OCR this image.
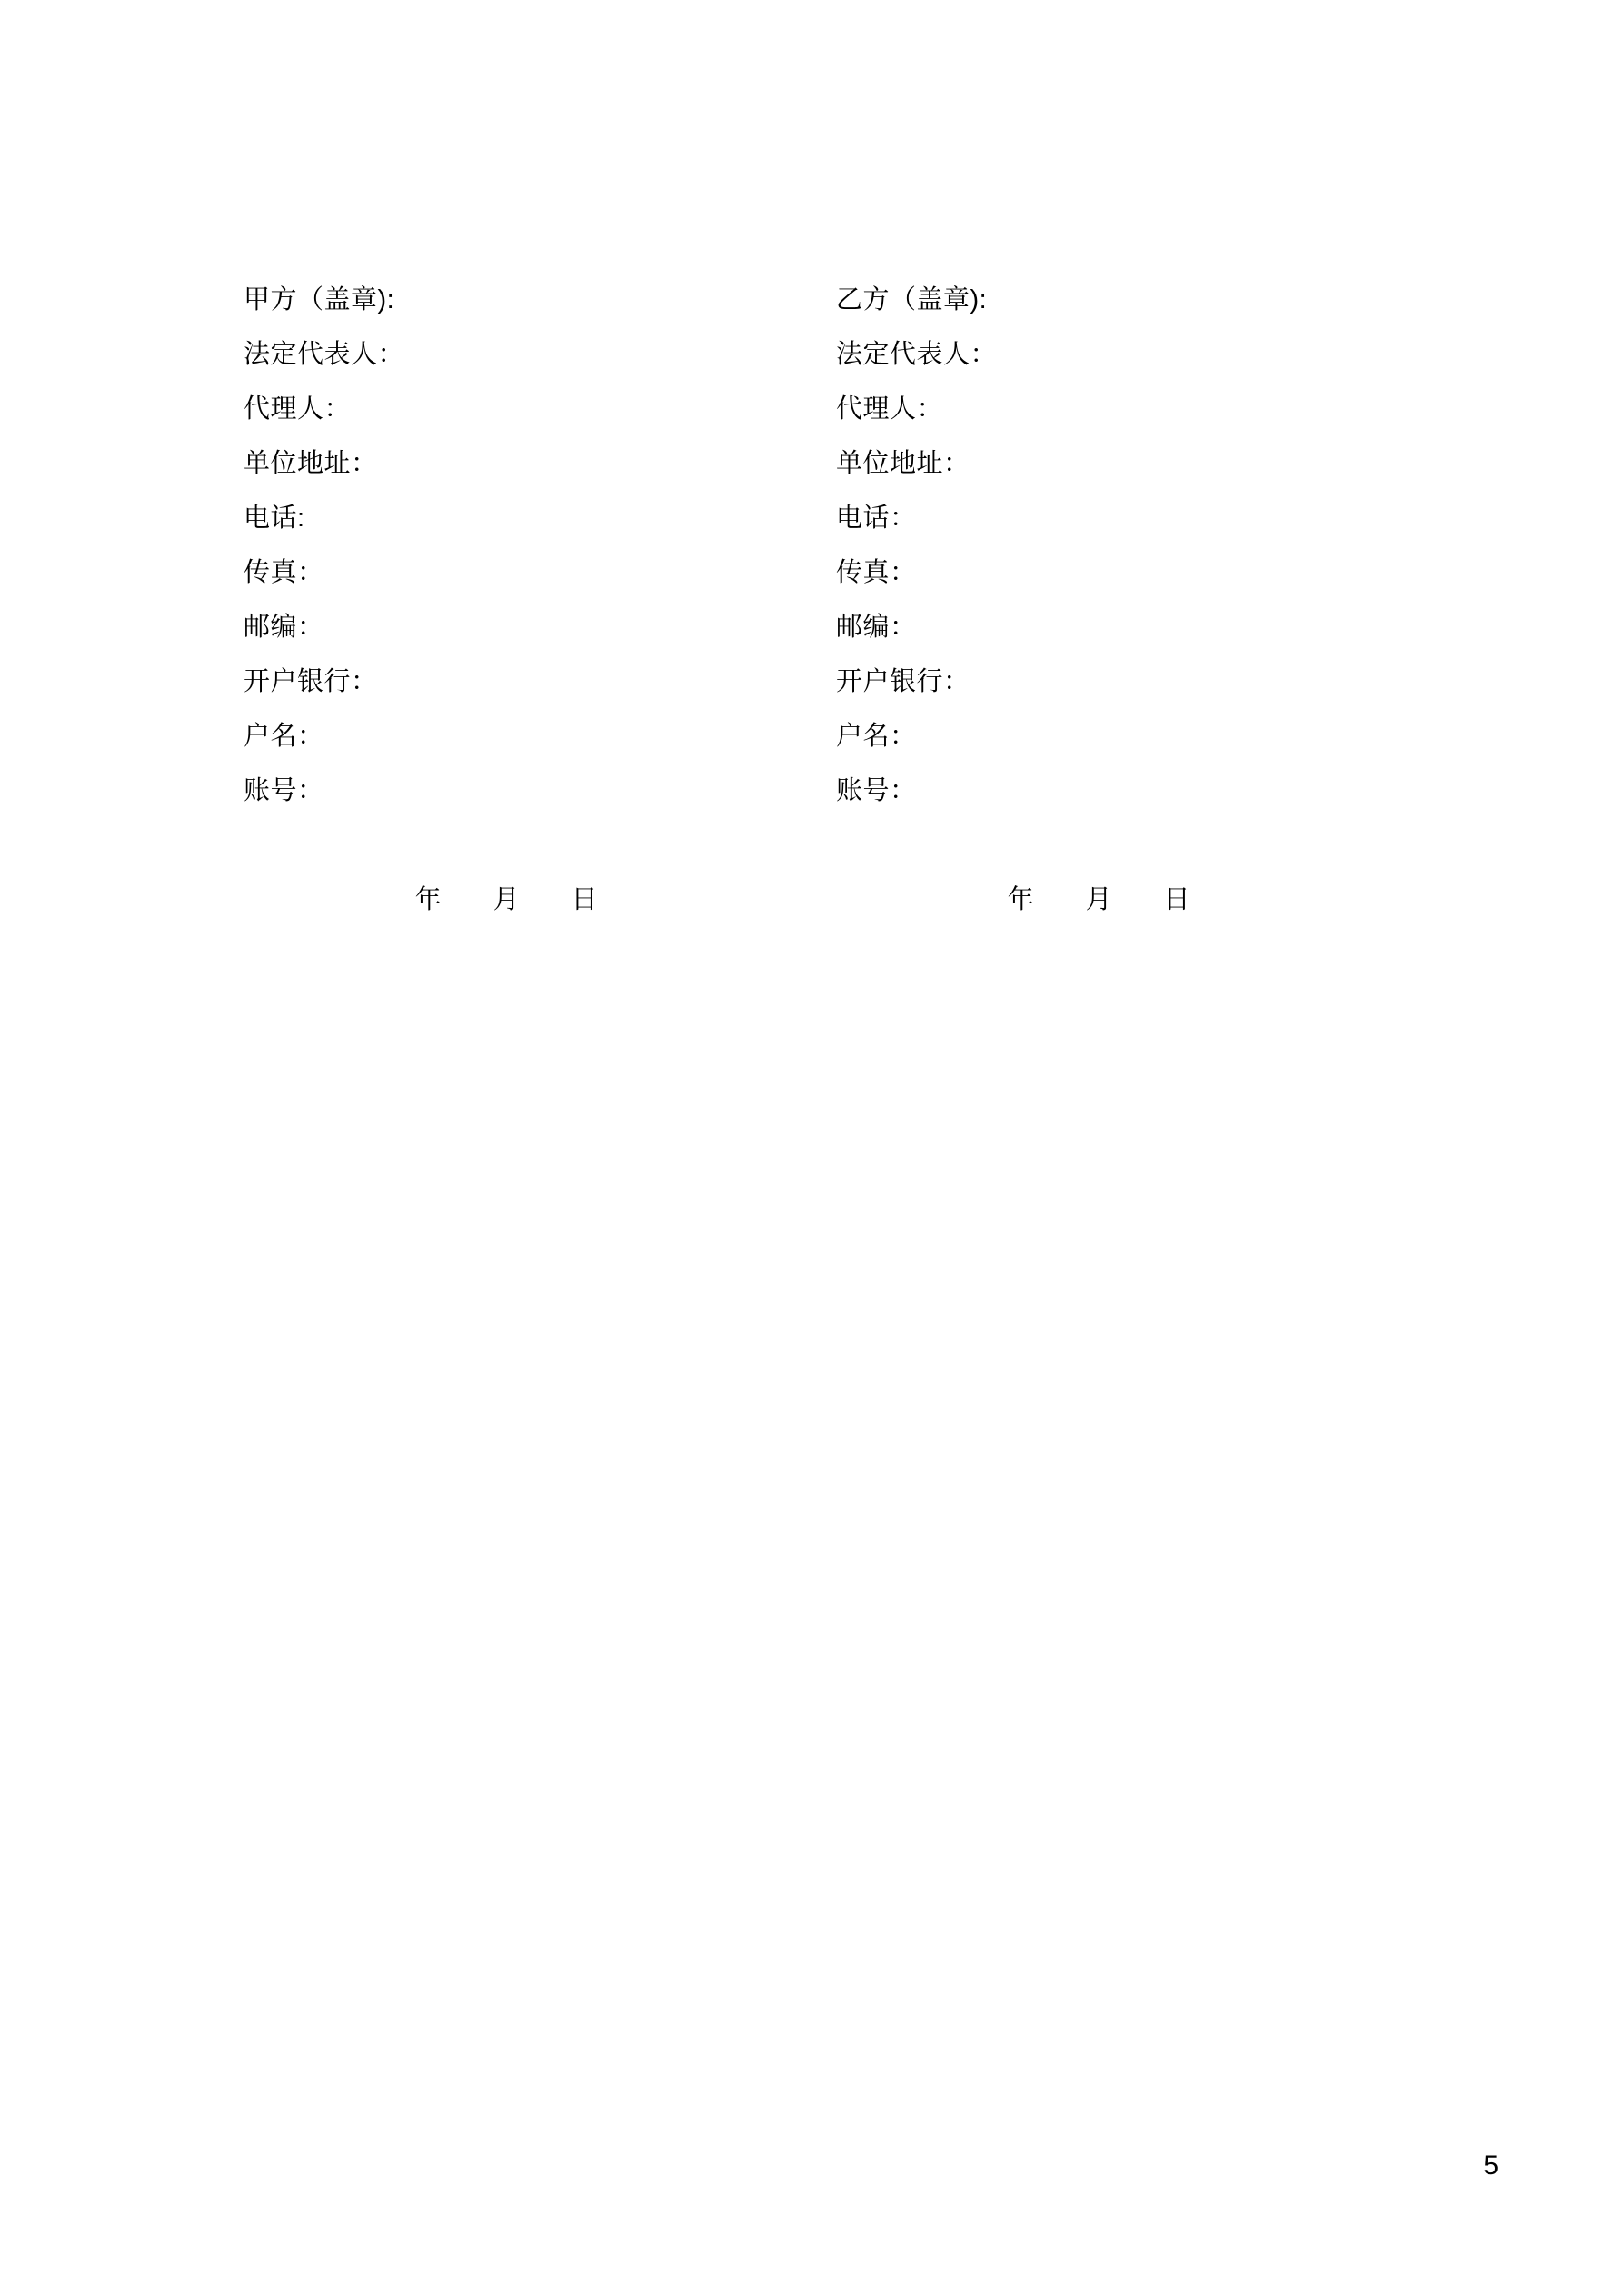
甲方（盖章):
法定代表人：
代理人：
单位地址：
电话:
传真：
邮编：
开户银行：
户名：
账号：

年 月 日

乙方（盖章):
法定代表人：
代理人：
单位地址：
电话：
传真：
邮编：
开户银行：
户名：
账号：

年 月 日

5
